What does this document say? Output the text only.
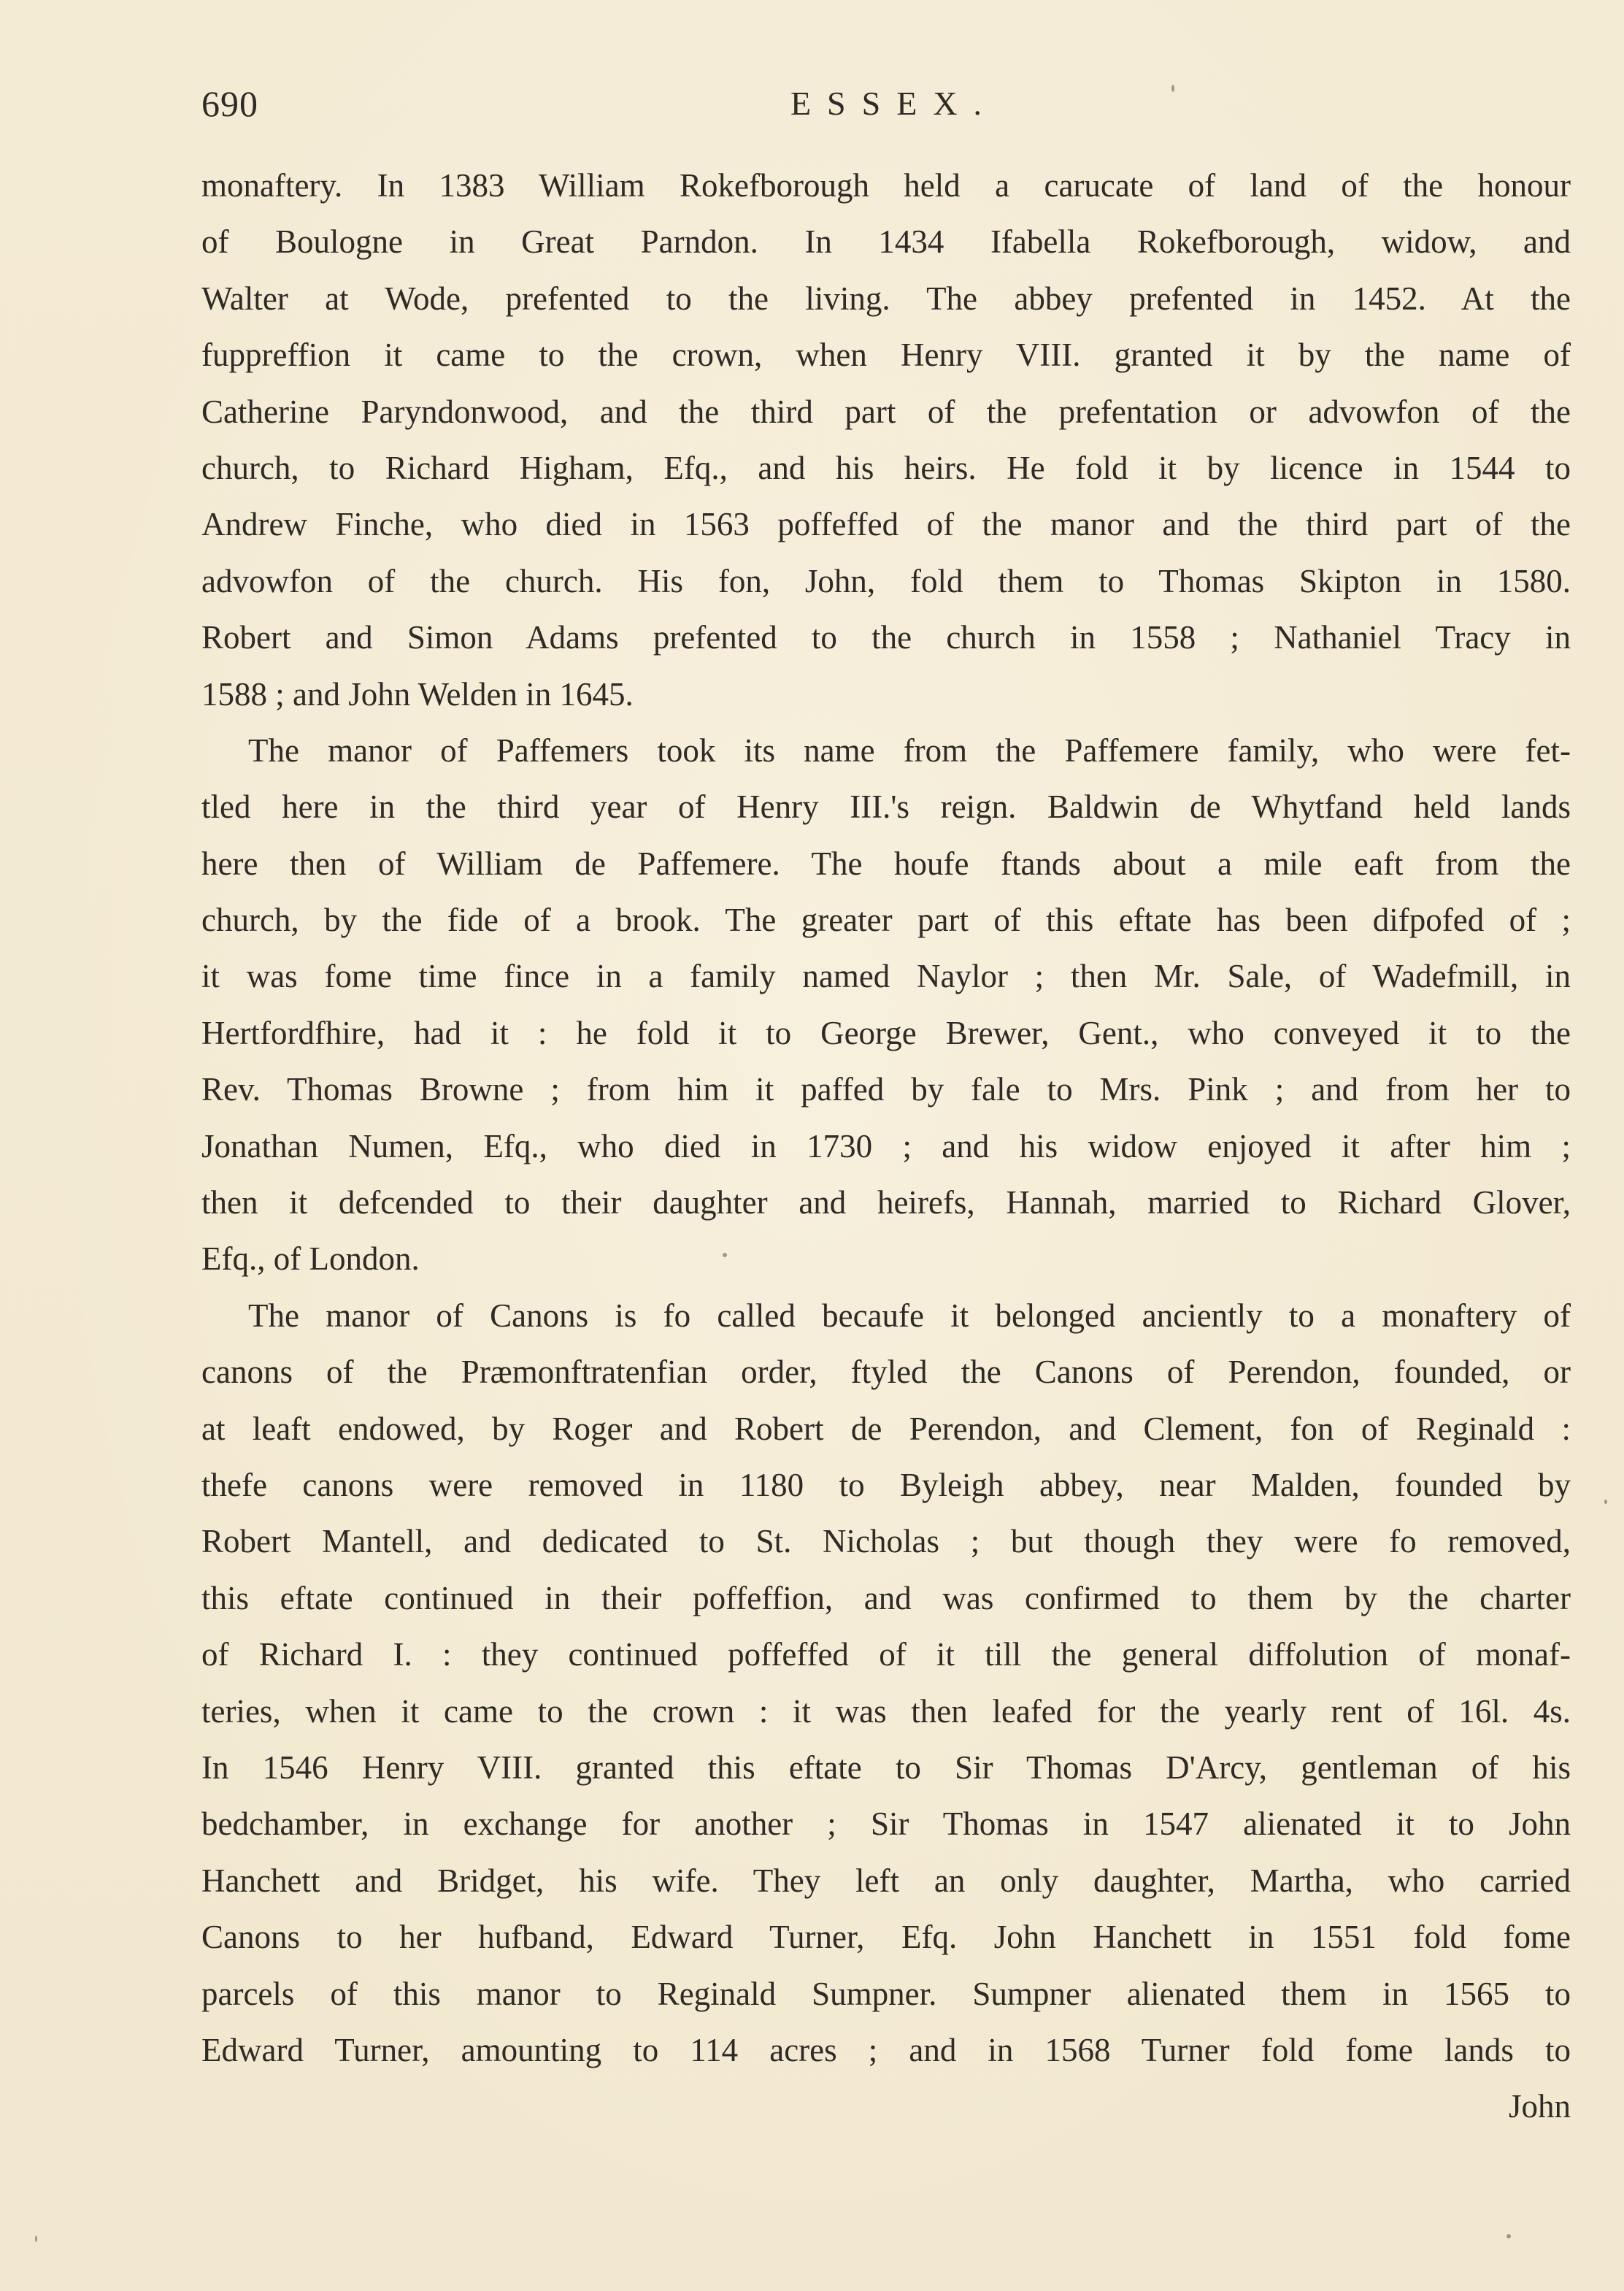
690	ESSEX.
monaftery. In 1383 William Rokefborough held a carucate of land of the honour
of Boulogne in Great Parndon. In 1434 Ifabella Rokefborough, widow, and
Walter at Wode, prefented to the living. The abbey prefented in 1452. At the
fuppreffion it came to the crown, when Henry VIII. granted it by the name of
Catherine Paryndonwood, and the third part of the prefentation or advowfon of the
church, to Richard Higham, Efq., and his heirs. He fold it by licence in 1544 to
Andrew Finche, who died in 1563 poffeffed of the manor and the third part of the
advowfon of the church. His fon, John, fold them to Thomas Skipton in 1580.
Robert and Simon Adams prefented to the church in 1558 ; Nathaniel Tracy in
1588 ; and John Welden in 1645.
The manor of Paffemers took its name from the Paffemere family, who were fet-
tled here in the third year of Henry III.'s reign. Baldwin de Whytfand held lands
here then of William de Paffemere. The houfe ftands about a mile eaft from the
church, by the fide of a brook. The greater part of this eftate has been difpofed of ;
it was fome time fince in a family named Naylor ; then Mr. Sale, of Wadefmill, in
Hertfordfhire, had it : he fold it to George Brewer, Gent., who conveyed it to the
Rev. Thomas Browne ; from him it paffed by fale to Mrs. Pink ; and from her to
Jonathan Numen, Efq., who died in 1730 ; and his widow enjoyed it after him ;
then it defcended to their daughter and heirefs, Hannah, married to Richard Glover,
Efq., of London.
The manor of Canons is fo called becaufe it belonged anciently to a monaftery of
canons of the Præmonftratenfian order, ftyled the Canons of Perendon, founded, or
at leaft endowed, by Roger and Robert de Perendon, and Clement, fon of Reginald :
thefe canons were removed in 1180 to Byleigh abbey, near Malden, founded by
Robert Mantell, and dedicated to St. Nicholas ; but though they were fo removed,
this eftate continued in their poffeffion, and was confirmed to them by the charter
of Richard I. : they continued poffeffed of it till the general diffolution of monaf-
teries, when it came to the crown : it was then leafed for the yearly rent of 16l. 4s.
In 1546 Henry VIII. granted this eftate to Sir Thomas D'Arcy, gentleman of his
bedchamber, in exchange for another ; Sir Thomas in 1547 alienated it to John
Hanchett and Bridget, his wife. They left an only daughter, Martha, who carried
Canons to her hufband, Edward Turner, Efq. John Hanchett in 1551 fold fome
parcels of this manor to Reginald Sumpner. Sumpner alienated them in 1565 to
Edward Turner, amounting to 114 acres ; and in 1568 Turner fold fome lands to
John
